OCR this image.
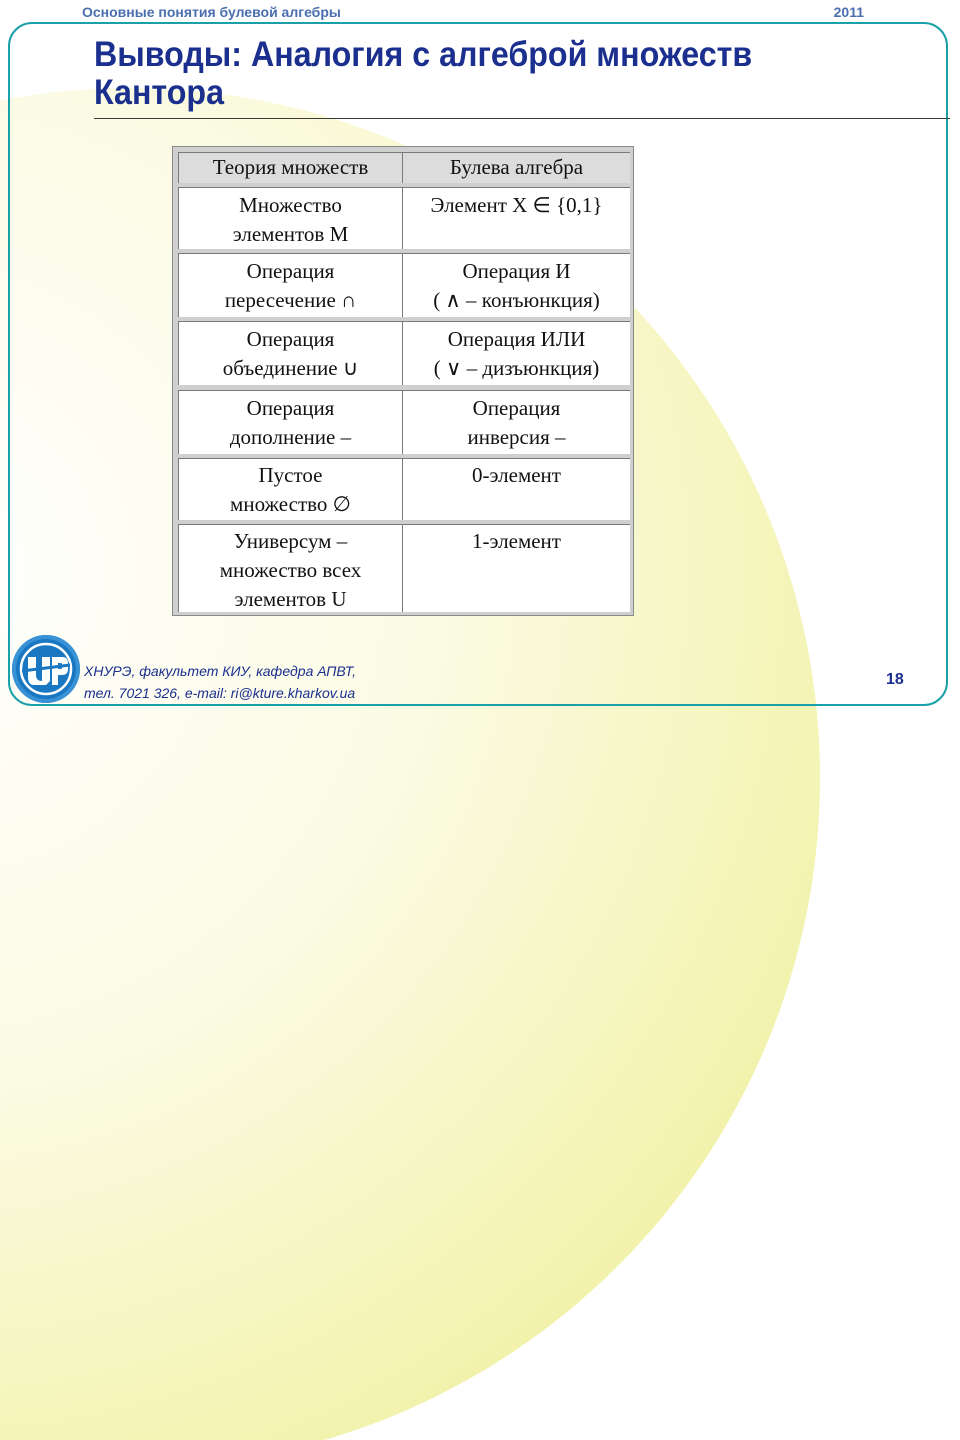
Основные понятия булевой алгебры	2011
Выводы: Аналогия с алгеброй множеств
Кантора
Теория множеств	Булева алгебра
Множество
элементов M
Элемент X ∈ {0,1}
Операция
пересечение ∩
Операция И
( ∧ – конъюнкция)
Операция
объединение ∪
Операция ИЛИ
( ∨ – дизъюнкция)
Операция
дополнение –
Операция
инверсия –
Пустое
множество ∅
0-элемент
Универсум –
множество всех
элементов U
1-элемент
ХНУРЭ, факультет КИУ, кафедра АПВТ,
тел. 7021 326, e-mail: ri@kture.kharkov.ua
18
